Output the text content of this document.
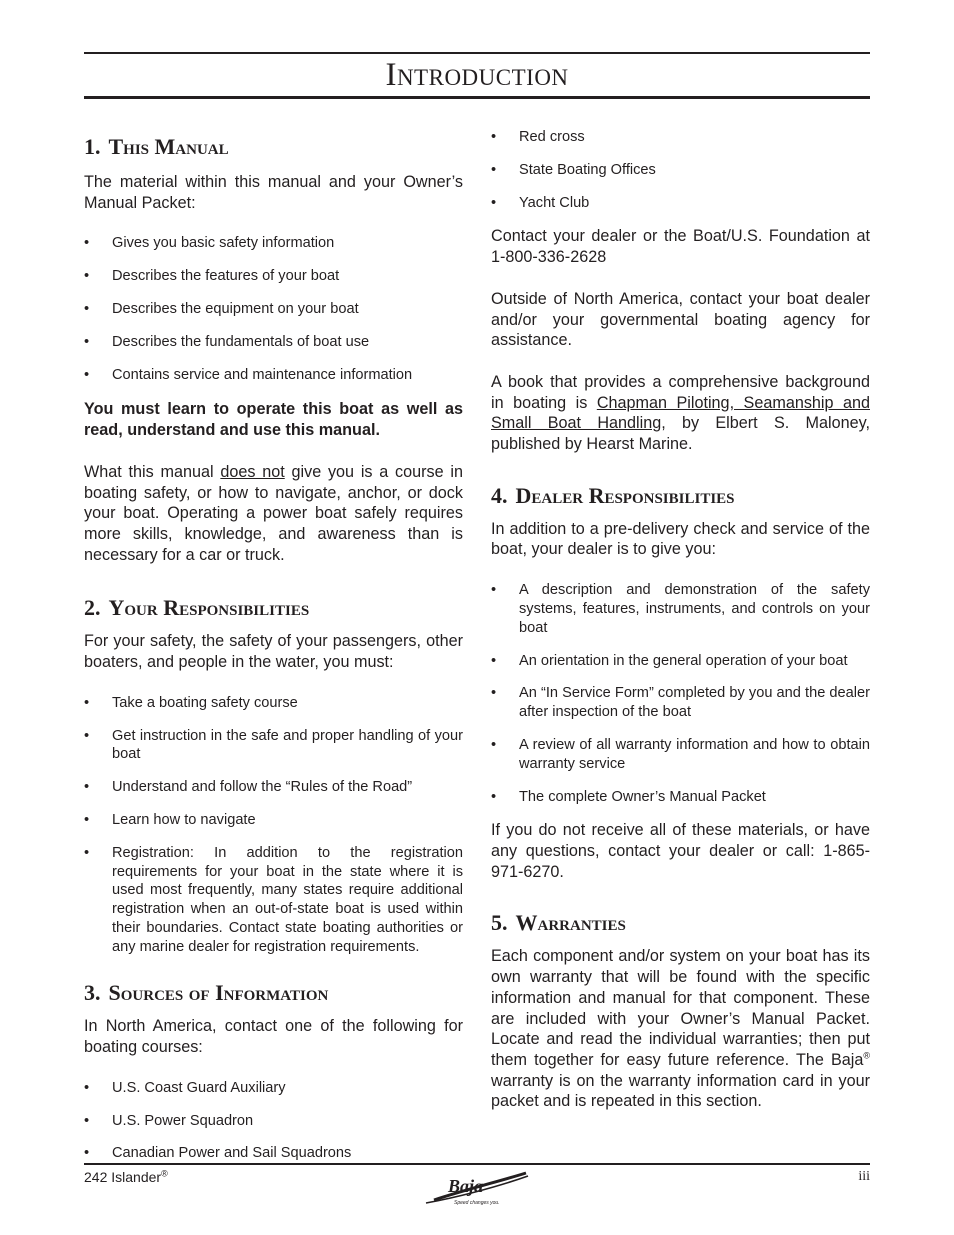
Introduction
1. This Manual

The material within this manual and your Owner’s Manual Packet:

• Gives you basic safety information
• Describes the features of your boat
• Describes the equipment on your boat
• Describes the fundamentals of boat use
• Contains service and maintenance information

You must learn to operate this boat as well as read, understand and use this manual.

What this manual does not give you is a course in boating safety, or how to navigate, anchor, or dock your boat. Operating a power boat safely requires more skills, knowledge, and awareness than is necessary for a car or truck.

2. Your Responsibilities

For your safety, the safety of your passengers, other boaters, and people in the water, you must:

• Take a boating safety course
• Get instruction in the safe and proper handling of your boat
• Understand and follow the “Rules of the Road”
• Learn how to navigate
• Registration: In addition to the registration requirements for your boat in the state where it is used most frequently, many states require additional registration when an out-of-state boat is used within their boundaries. Contact state boating authorities or any marine dealer for registration requirements.
3. Sources of Information

In North America, contact one of the following for boating courses:

• U.S. Coast Guard Auxiliary
• U.S. Power Squadron
• Canadian Power and Sail Squadrons
• Red cross
• State Boating Offices
• Yacht Club

Contact your dealer or the Boat/U.S. Foundation at 1-800-336-2628

Outside of North America, contact your boat dealer and/or your governmental boating agency for assistance.

A book that provides a comprehensive background in boating is Chapman Piloting, Seamanship and Small Boat Handling, by Elbert S. Maloney, published by Hearst Marine.

4. Dealer Responsibilities

In addition to a pre-delivery check and service of the boat, your dealer is to give you:

• A description and demonstration of the safety systems, features, instruments, and controls on your boat
• An orientation in the general operation of your boat
• An “In Service Form” completed by you and the dealer after inspection of the boat
• A review of all warranty information and how to obtain warranty service
• The complete Owner’s Manual Packet

If you do not receive all of these materials, or have any questions, contact your dealer or call: 1-865-971-6270.

5. Warranties

Each component and/or system on your boat has its own warranty that will be found with the specific information and manual for that component. These are included with your Owner’s Manual Packet. Locate and read the individual warranties; then put them together for easy future reference. The Baja® warranty is on the warranty information card in your packet and is repeated in this section.

242 Islander®	iii
Baja
Speed changes you.
